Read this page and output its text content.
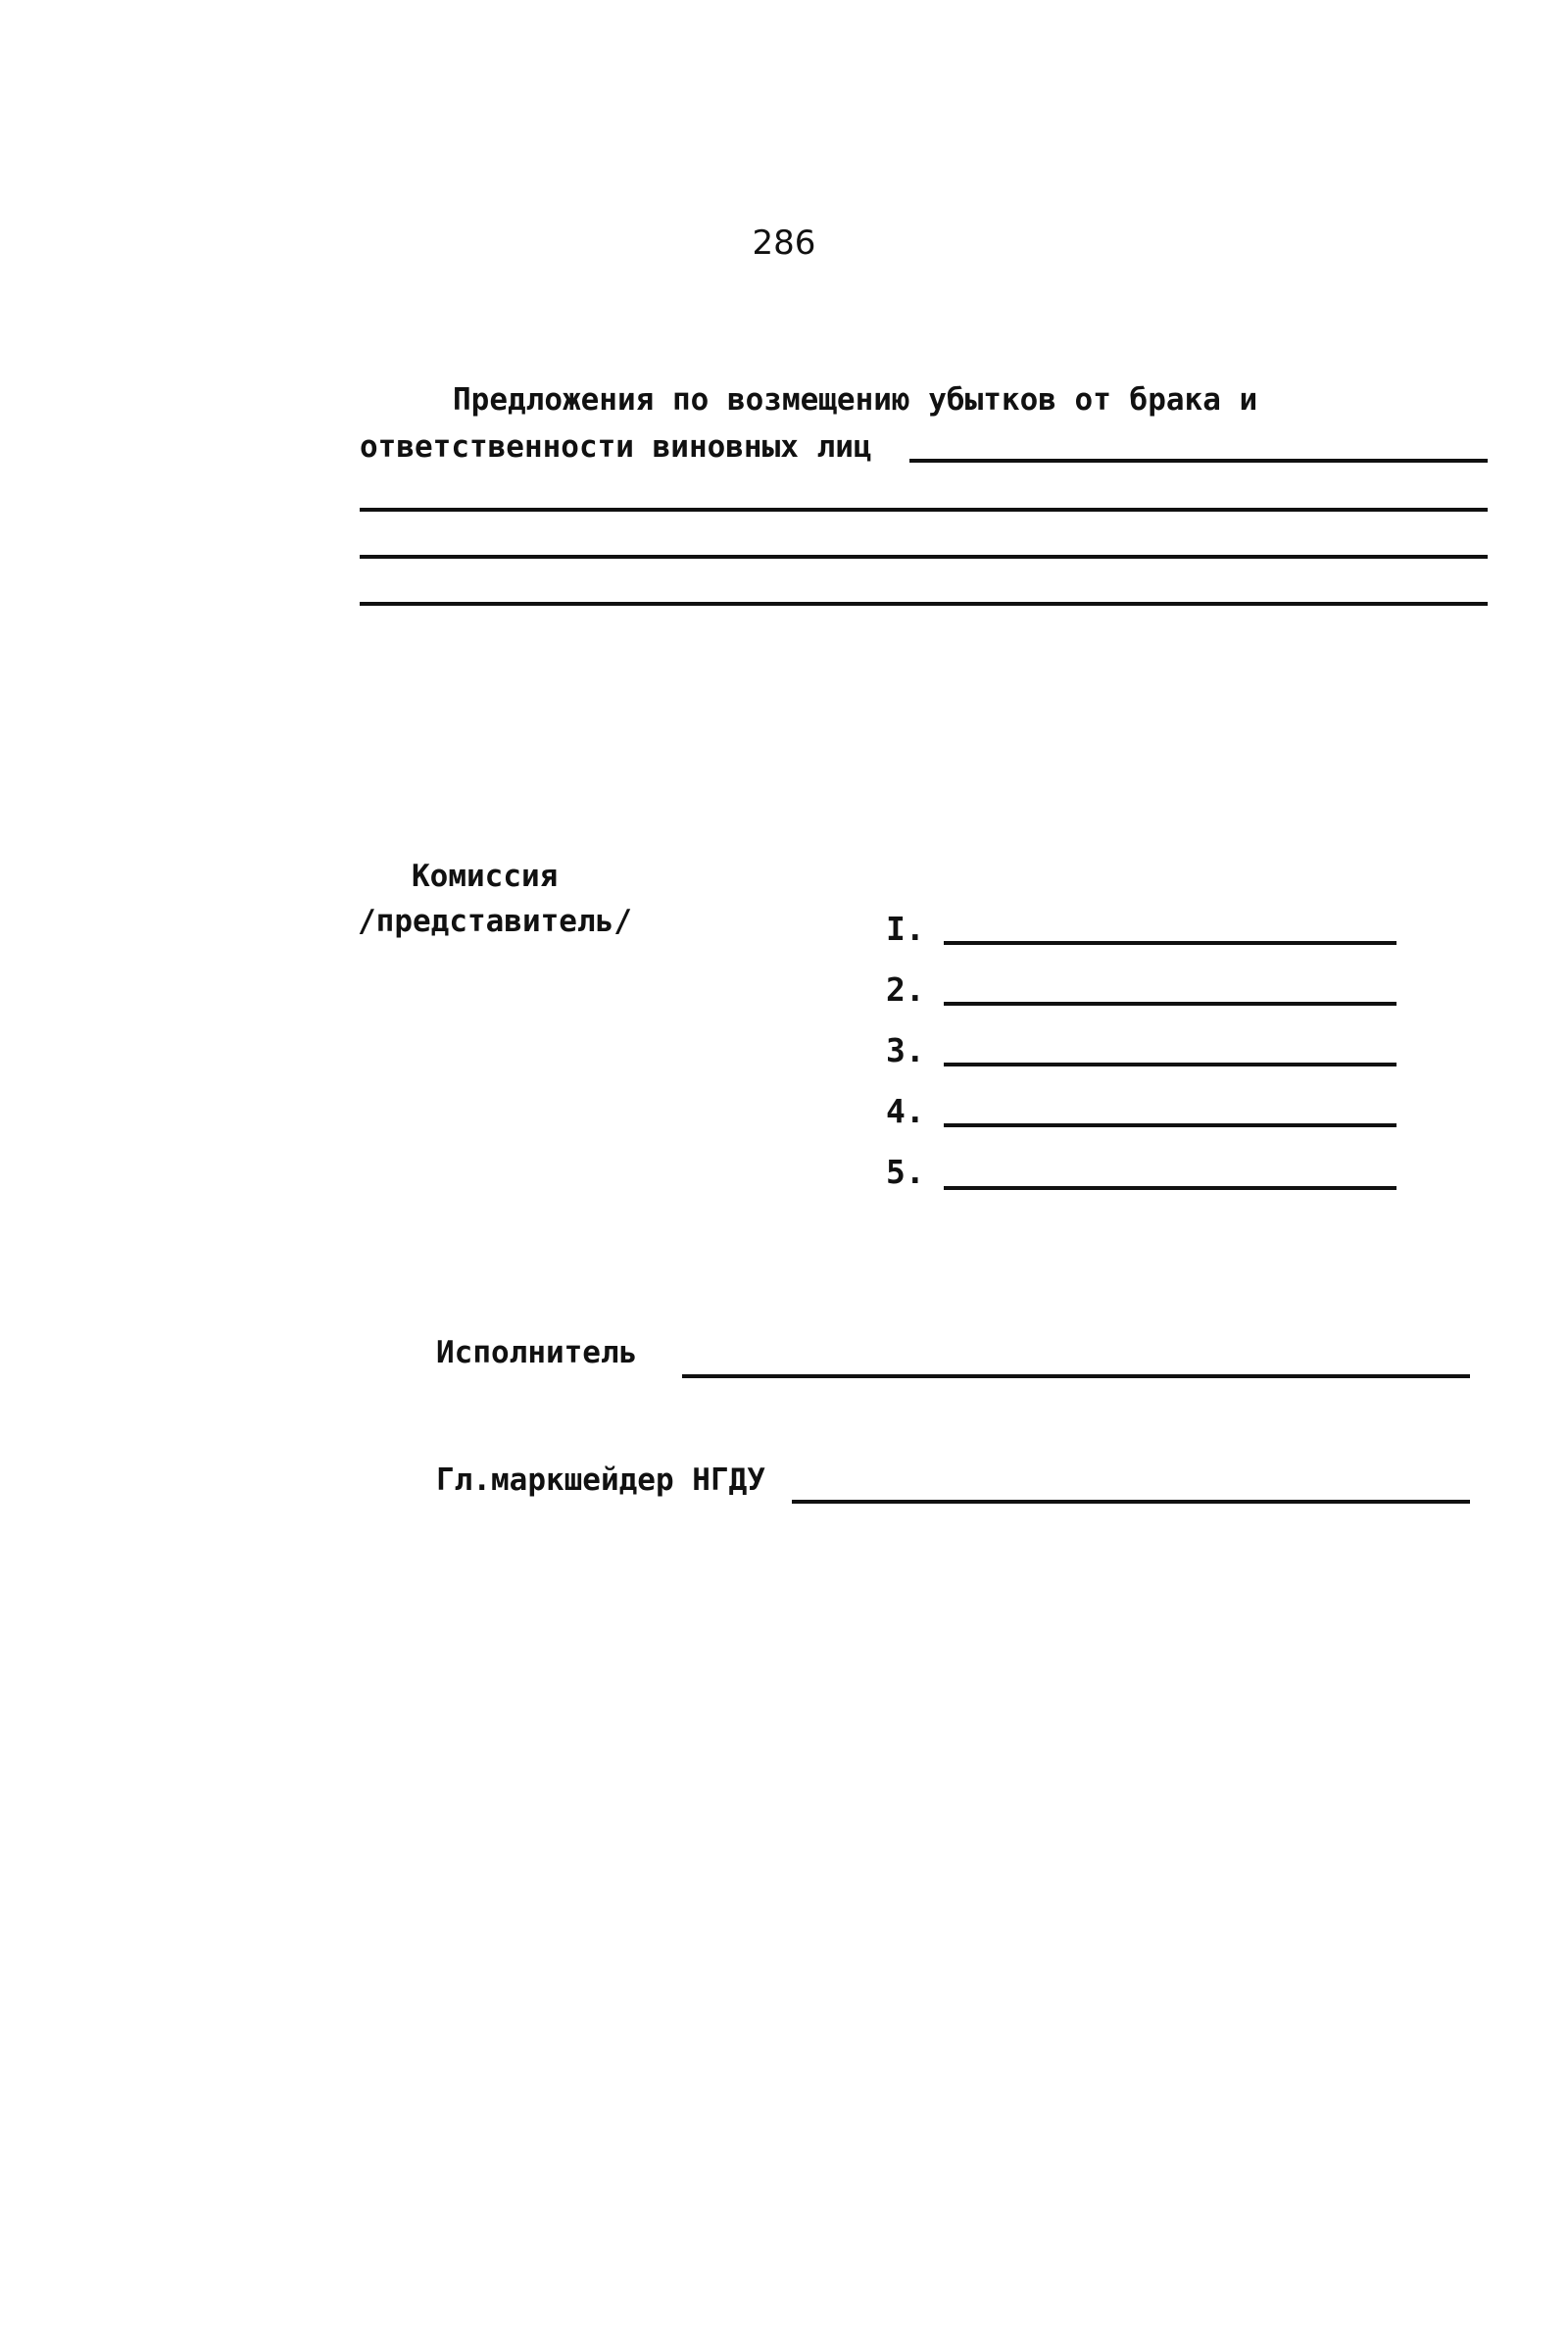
286
Предложения по возмещению убытков от брака и
ответственности виновных лиц
Комиссия
/представитель/	I.
2.
3.
4.
5.
Исполнитель
Гл.маркшейдер НГДУ
